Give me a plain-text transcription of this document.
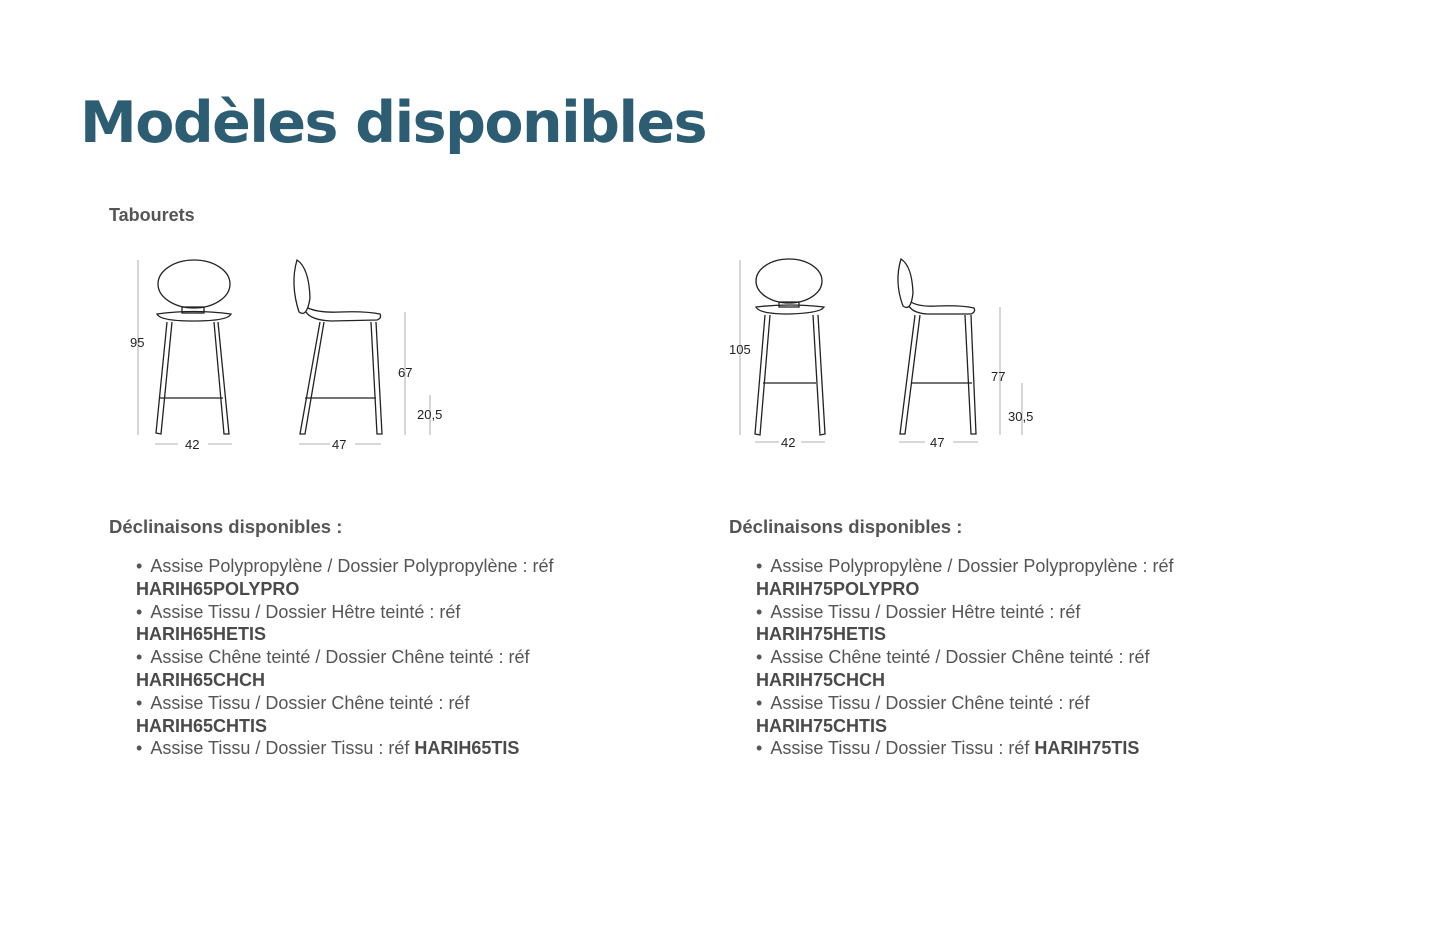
Modèles disponibles
Tabourets
95
42	47
67
20,5
105
42	47
77
30,5
Déclinaisons disponibles :
• Assise Polypropylène / Dossier Polypropylène : réf HARIH65POLYPRO
• Assise Tissu / Dossier Hêtre teinté : réf HARIH65HETIS
• Assise Chêne teinté / Dossier Chêne teinté : réf HARIH65CHCH
• Assise Tissu / Dossier Chêne teinté : réf HARIH65CHTIS
• Assise Tissu / Dossier Tissu : réf HARIH65TIS
Déclinaisons disponibles :
• Assise Polypropylène / Dossier Polypropylène : réf HARIH75POLYPRO
• Assise Tissu / Dossier Hêtre teinté : réf HARIH75HETIS
• Assise Chêne teinté / Dossier Chêne teinté : réf HARIH75CHCH
• Assise Tissu / Dossier Chêne teinté : réf HARIH75CHTIS
• Assise Tissu / Dossier Tissu : réf HARIH75TIS
